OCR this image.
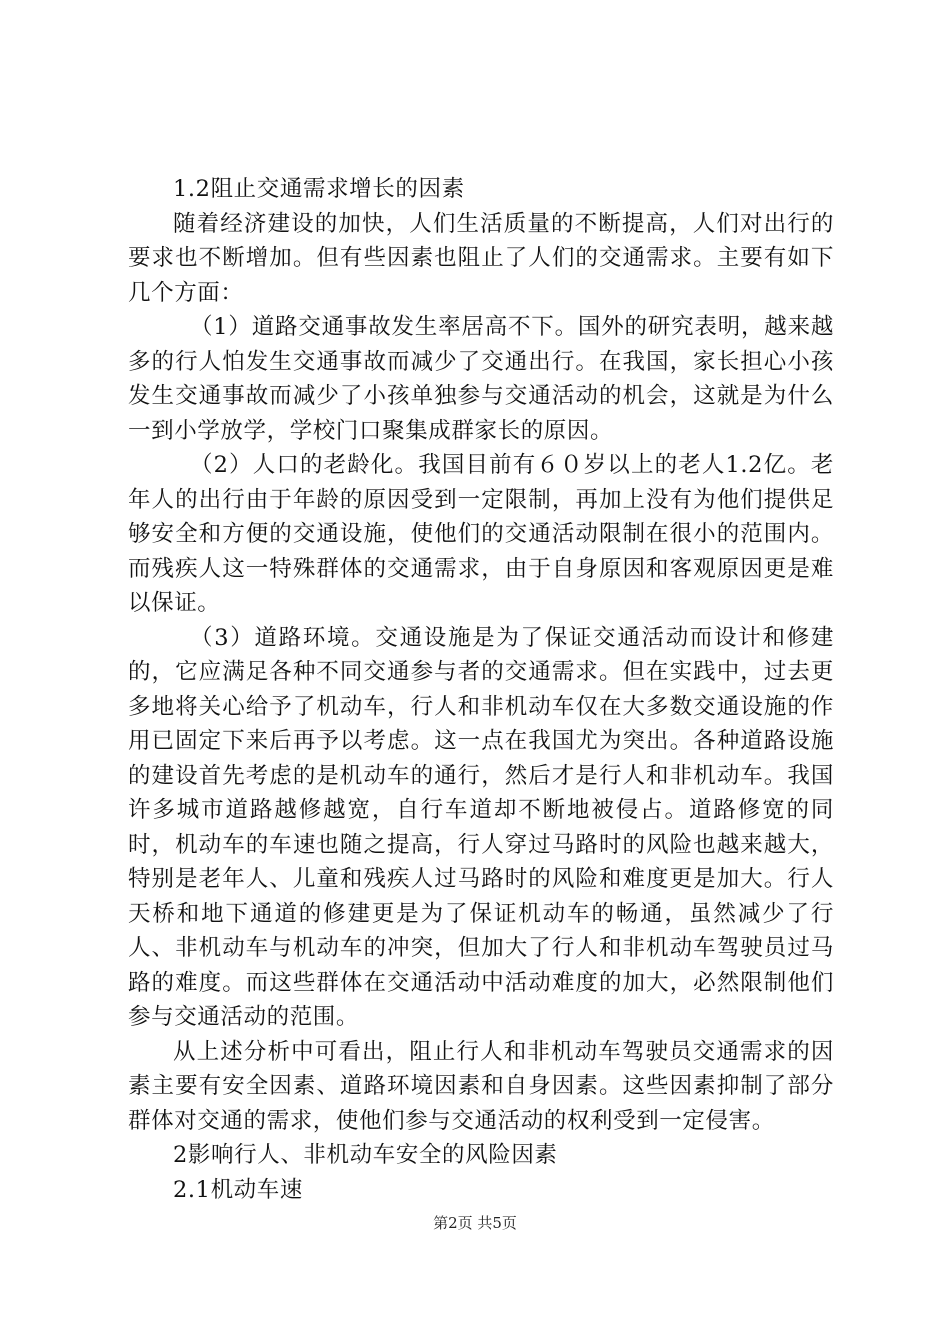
1.2阻止交通需求增长的因素

随着经济建设的加快，人们生活质量的不断提高，人们对出行的要求也不断增加。但有些因素也阻止了人们的交通需求。主要有如下几个方面：

（1）道路交通事故发生率居高不下。国外的研究表明，越来越多的行人怕发生交通事故而减少了交通出行。在我国，家长担心小孩发生交通事故而减少了小孩单独参与交通活动的机会，这就是为什么一到小学放学，学校门口聚集成群家长的原因。

（2）人口的老龄化。我国目前有６０岁以上的老人1.2亿。老年人的出行由于年龄的原因受到一定限制，再加上没有为他们提供足够安全和方便的交通设施，使他们的交通活动限制在很小的范围内。而残疾人这一特殊群体的交通需求，由于自身原因和客观原因更是难以保证。

（3）道路环境。交通设施是为了保证交通活动而设计和修建的，它应满足各种不同交通参与者的交通需求。但在实践中，过去更多地将关心给予了机动车，行人和非机动车仅在大多数交通设施的作用已固定下来后再予以考虑。这一点在我国尤为突出。各种道路设施的建设首先考虑的是机动车的通行，然后才是行人和非机动车。我国许多城市道路越修越宽，自行车道却不断地被侵占。道路修宽的同时，机动车的车速也随之提高，行人穿过马路时的风险也越来越大，特别是老年人、儿童和残疾人过马路时的风险和难度更是加大。行人天桥和地下通道的修建更是为了保证机动车的畅通，虽然减少了行人、非机动车与机动车的冲突，但加大了行人和非机动车驾驶员过马路的难度。而这些群体在交通活动中活动难度的加大，必然限制他们参与交通活动的范围。

从上述分析中可看出，阻止行人和非机动车驾驶员交通需求的因素主要有安全因素、道路环境因素和自身因素。这些因素抑制了部分群体对交通的需求，使他们参与交通活动的权利受到一定侵害。

2影响行人、非机动车安全的风险因素

2.1机动车速

第2页 共5页
